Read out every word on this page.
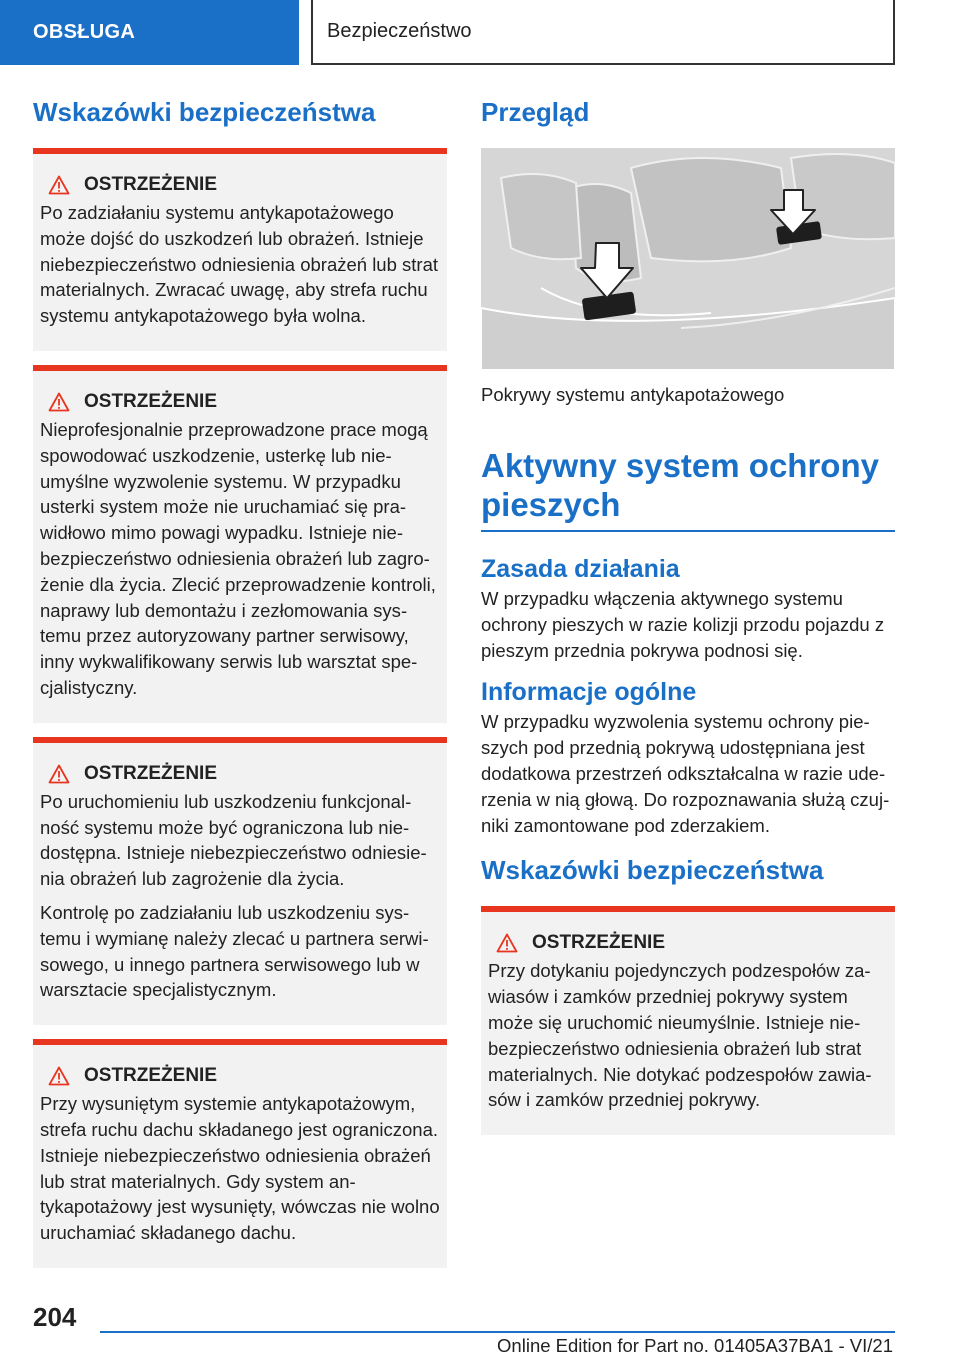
OBSŁUGA	Bezpieczeństwo
Wskazówki bezpieczeństwa
OSTRZEŻENIE

Po zadziałaniu systemu antykapotażowego może dojść do uszkodzeń lub obrażeń. Istnieje niebezpieczeństwo odniesienia obrażeń lub strat materialnych. Zwracać uwagę, aby strefa ruchu systemu antykapotażowego była wolna.

OSTRZEŻENIE

Nieprofesjonalnie przeprowadzone prace mogą spowodować uszkodzenie, usterkę lub nieumyślne wyzwolenie systemu. W przypadku usterki system może nie uruchamiać się prawidłowo mimo powagi wypadku. Istnieje niebezpieczeństwo odniesienia obrażeń lub zagrożenie dla życia. Zlecić przeprowadzenie kontroli, naprawy lub demontażu i zezłomowania systemu przez autoryzowany partner serwisowy, inny wykwalifikowany serwis lub warsztat specjalistyczny.

OSTRZEŻENIE

Po uruchomieniu lub uszkodzeniu funkcjonalność systemu może być ograniczona lub niedostępna. Istnieje niebezpieczeństwo odniesienia obrażeń lub zagrożenie dla życia.

Kontrolę po zadziałaniu lub uszkodzeniu systemu i wymianę należy zlecać u partnera serwisowego, u innego partnera serwisowego lub w warsztacie specjalistycznym.

OSTRZEŻENIE

Przy wysuniętym systemie antykapotażowym, strefa ruchu dachu składanego jest ograniczona. Istnieje niebezpieczeństwo odniesienia obrażeń lub strat materialnych. Gdy system antykapotażowy jest wysunięty, wówczas nie wolno uruchamiać składanego dachu.

Przegląd
Pokrywy systemu antykapotażowego
Aktywny system ochrony pieszych
Zasada działania

W przypadku włączenia aktywnego systemu ochrony pieszych w razie kolizji przodu pojazdu z pieszym przednia pokrywa podnosi się.

Informacje ogólne

W przypadku wyzwolenia systemu ochrony pieszych pod przednią pokrywą udostępniana jest dodatkowa przestrzeń odkształcalna w razie uderzenia w nią głową. Do rozpoznawania służą czujniki zamontowane pod zderzakiem.

Wskazówki bezpieczeństwa
OSTRZEŻENIE

Przy dotykaniu pojedynczych podzespołów zawiasów i zamków przedniej pokrywy system może się uruchomić nieumyślnie. Istnieje niebezpieczeństwo odniesienia obrażeń lub strat materialnych. Nie dotykać podzespołów zawiasów i zamków przedniej pokrywy.

204
Online Edition for Part no. 01405A37BA1 - VI/21
